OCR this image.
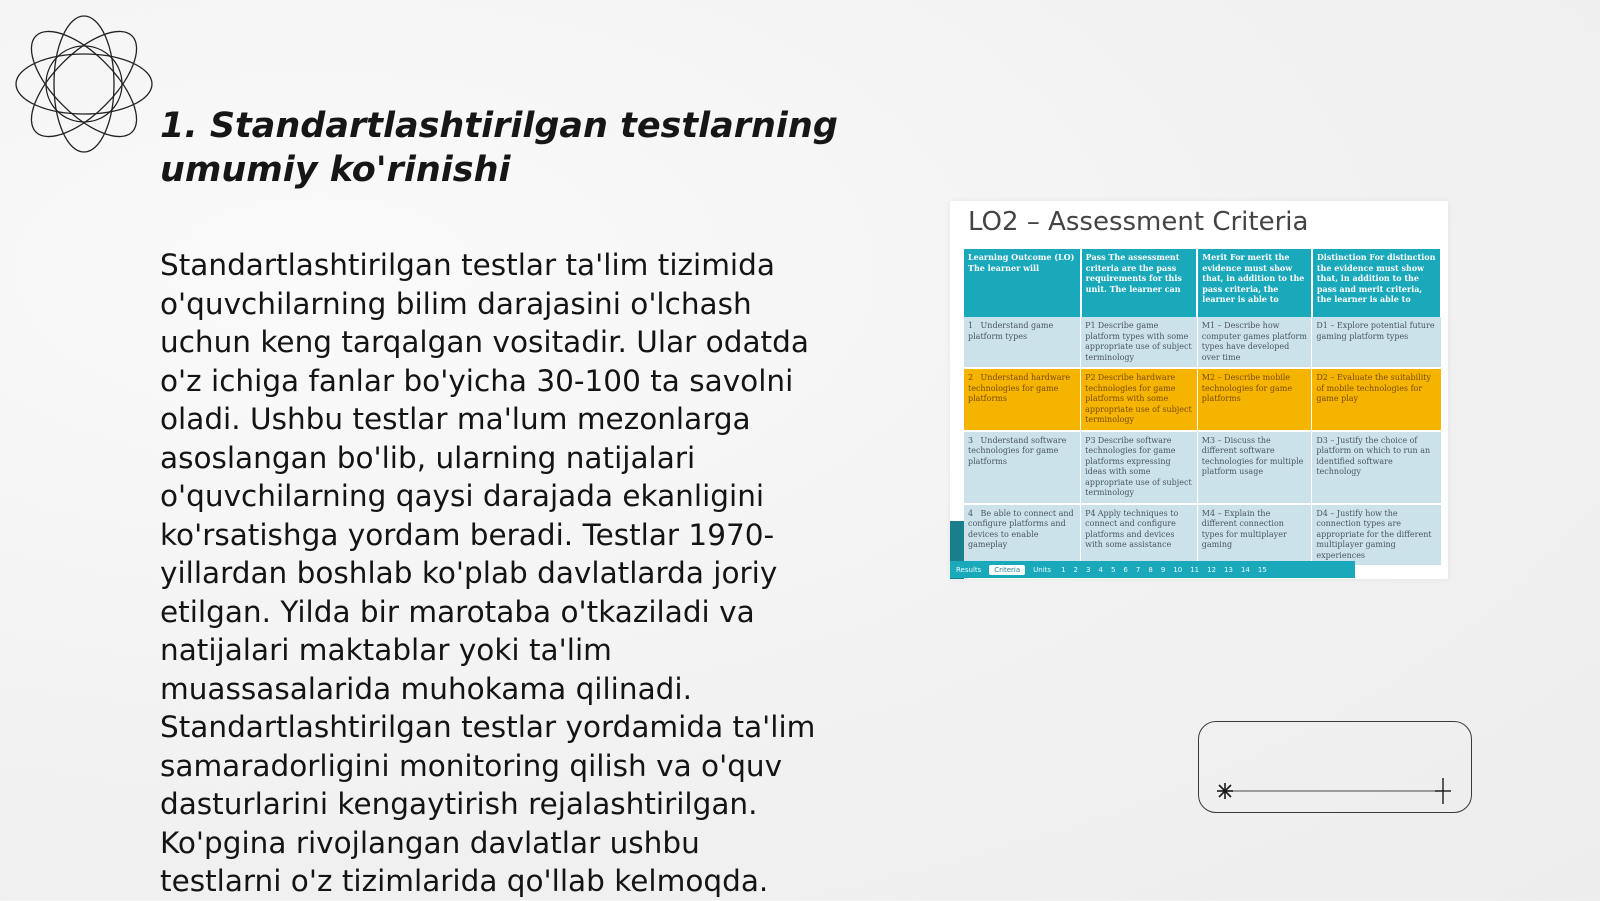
1. Standartlashtirilgan testlarning umumiy ko'rinishi

Standartlashtirilgan testlar ta'lim tizimida o'quvchilarning bilim darajasini o'lchash uchun keng tarqalgan vositadir. Ular odatda o'z ichiga fanlar bo'yicha 30-100 ta savolni oladi. Ushbu testlar ma'lum mezonlarga asoslangan bo'lib, ularning natijalari o'quvchilarning qaysi darajada ekanligini ko'rsatishga yordam beradi. Testlar 1970-yillardan boshlab ko'plab davlatlarda joriy etilgan. Yilda bir marotaba o'tkaziladi va natijalari maktablar yoki ta'lim muassasalarida muhokama qilinadi. Standartlashtirilgan testlar yordamida ta'lim samaradorligini monitoring qilish va o'quv dasturlarini kengaytirish rejalashtirilgan. Ko'pgina rivojlangan davlatlar ushbu testlarni o'z tizimlarida qo'llab kelmoqda.

LO2 – Assessment Criteria
Learning Outcome (LO) The learner will	Pass The assessment criteria are the pass requirements for this unit. The learner can	Merit For merit the evidence must show that, in addition to the pass criteria, the learner is able to	Distinction For distinction the evidence must show that, in addition to the pass and merit criteria, the learner is able to
1 Understand game platform types	P1 Describe game platform types with some appropriate use of subject terminology	M1 – Describe how computer games platform types have developed over time	D1 – Explore potential future gaming platform types
2 Understand hardware technologies for game platforms	P2 Describe hardware technologies for game platforms with some appropriate use of subject terminology	M2 – Describe mobile technologies for game platforms	D2 – Evaluate the suitability of mobile technologies for game play
3 Understand software technologies for game platforms	P3 Describe software technologies for game platforms expressing ideas with some appropriate use of subject terminology	M3 – Discuss the different software technologies for multiple platform usage	D3 – Justify the choice of platform on which to run an identified software technology
4 Be able to connect and configure platforms and devices to enable gameplay	P4 Apply techniques to connect and configure platforms and devices with some assistance	M4 – Explain the different connection types for multiplayer gaming	D4 – Justify how the connection types are appropriate for the different multiplayer gaming experiences
Results	Criteria	Units	1	2	3	4	5	6	7	8	9	10	11	12	13	14	15
